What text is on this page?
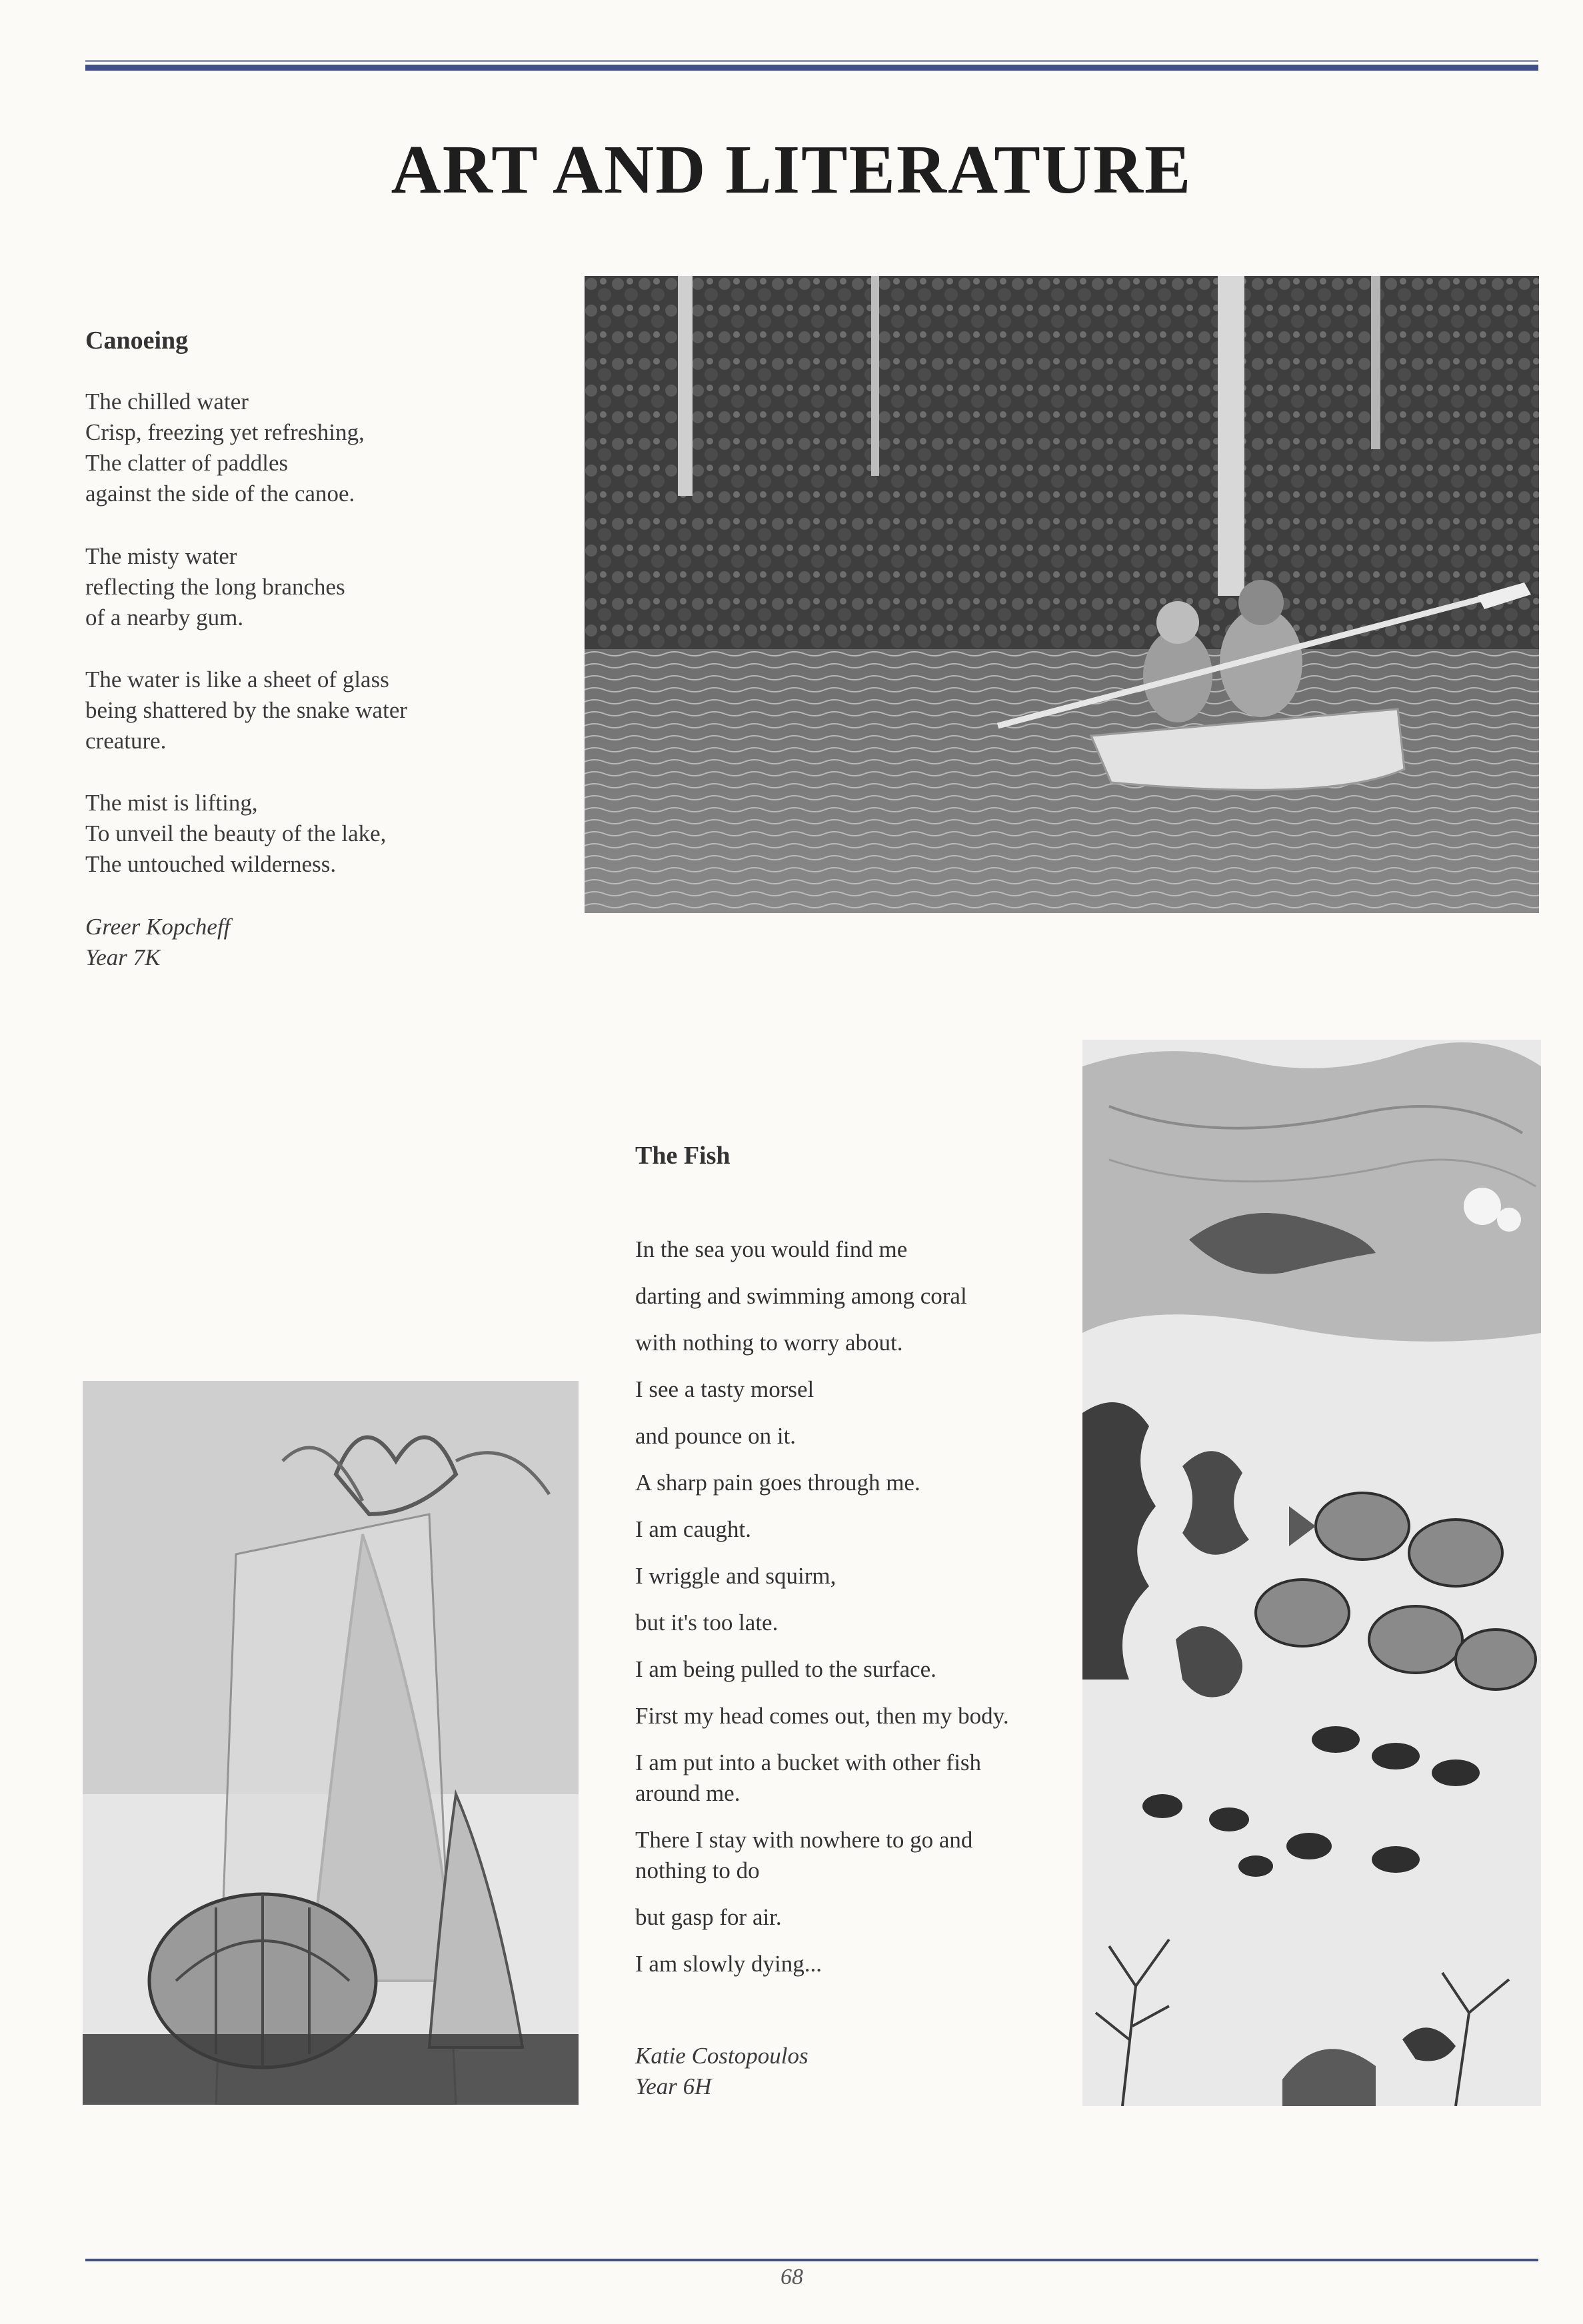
ART AND LITERATURE
Canoeing
The chilled water
Crisp, freezing yet refreshing,
The clatter of paddles
against the side of the canoe.
The misty water
reflecting the long branches
of a nearby gum.
The water is like a sheet of glass
being shattered by the snake water
creature.
The mist is lifting,
To unveil the beauty of the lake,
The untouched wilderness.
Greer Kopcheff
Year 7K
The Fish
In the sea you would find me
darting and swimming among coral
with nothing to worry about.
I see a tasty morsel
and pounce on it.
A sharp pain goes through me.
I am caught.
I wriggle and squirm,
but it's too late.
I am being pulled to the surface.
First my head comes out, then my body.
I am put into a bucket with other fish
around me.
There I stay with nowhere to go and
nothing to do
but gasp for air.
I am slowly dying...
Katie Costopoulos
Year 6H
68
